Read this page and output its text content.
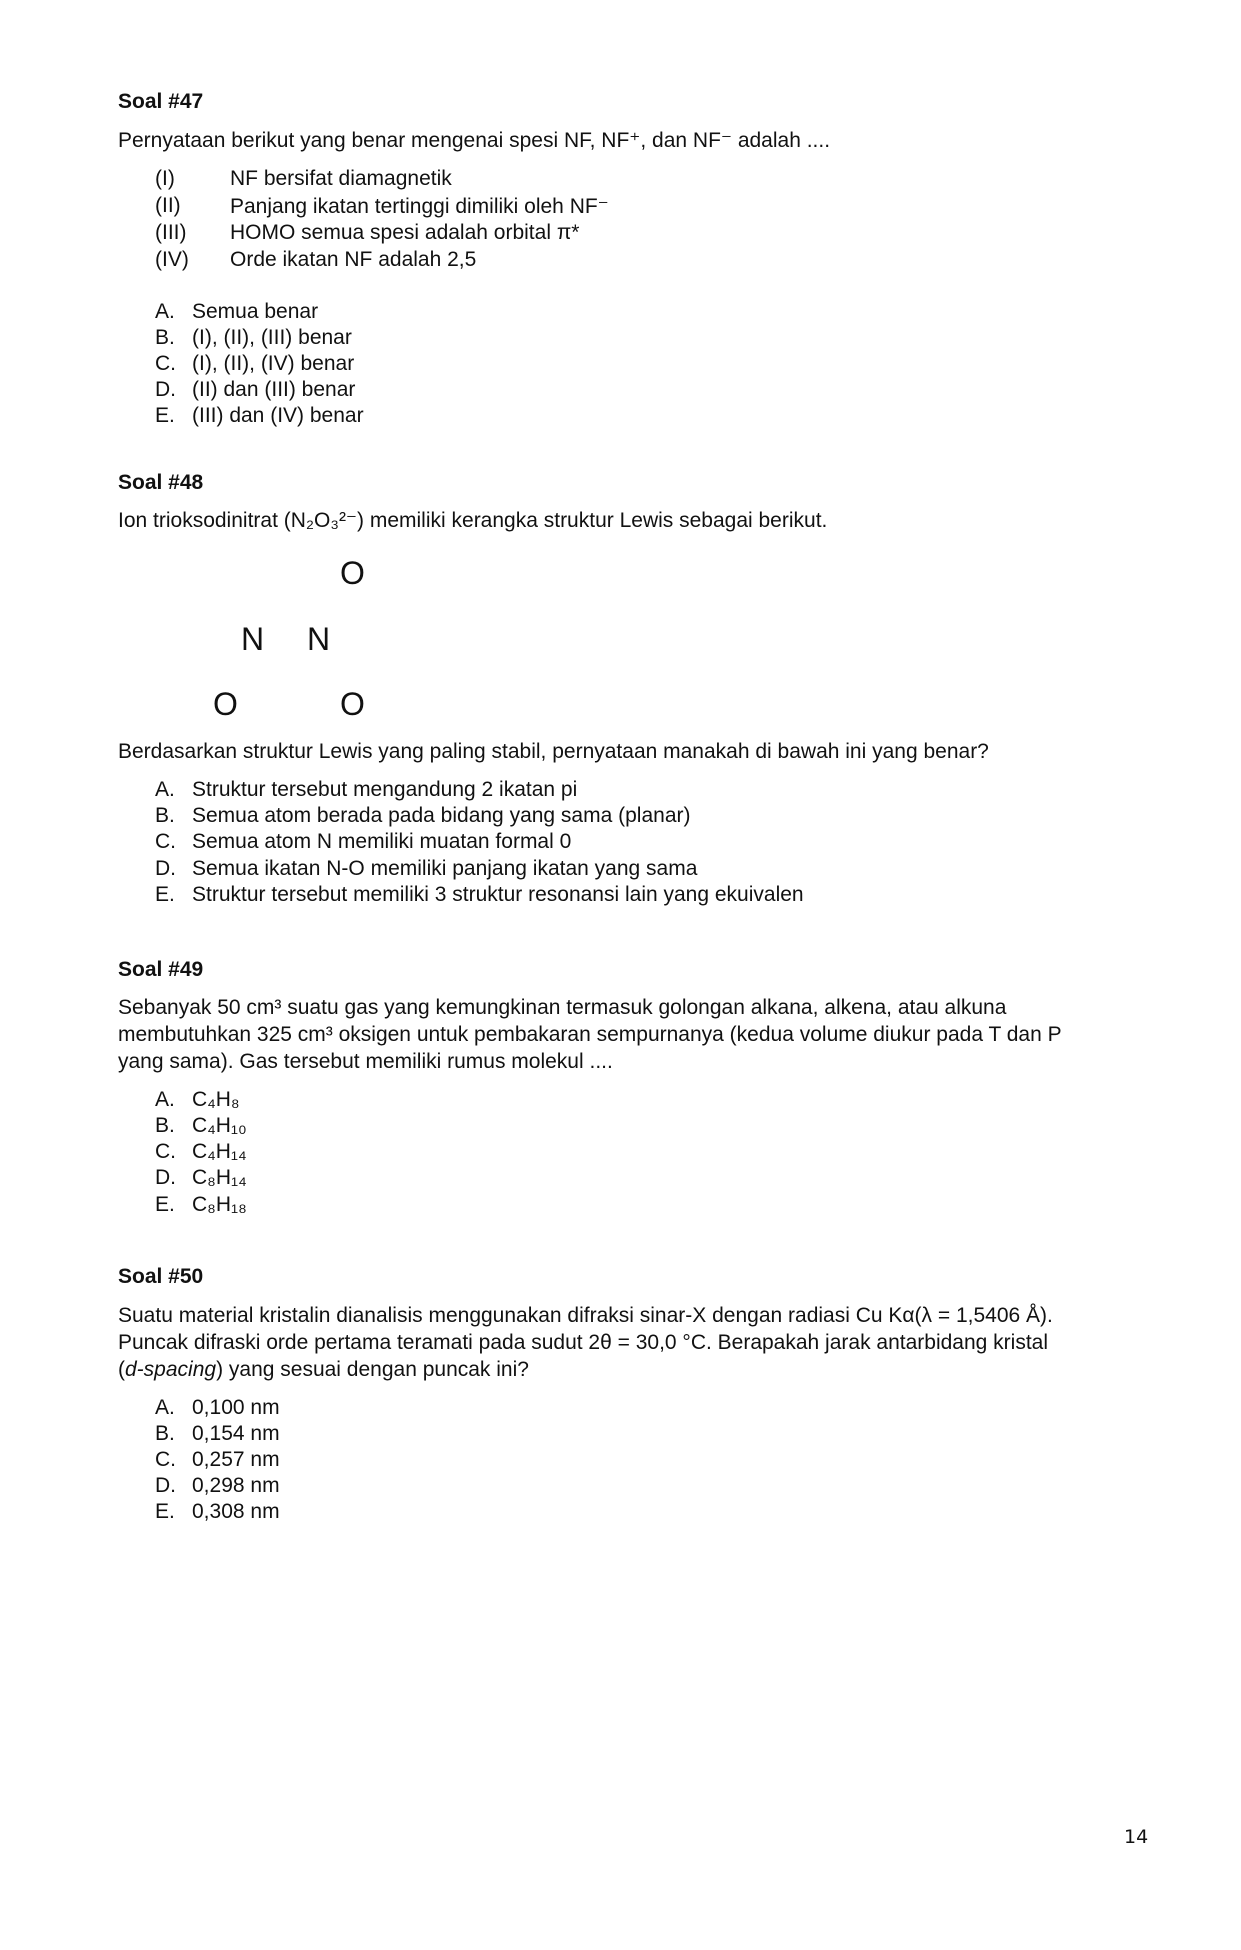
Soal #47
Pernyataan berikut yang benar mengenai spesi NF, NF⁺, dan NF⁻ adalah ....
(I)	NF bersifat diamagnetik
(II) Panjang ikatan tertinggi dimiliki oleh NF⁻
(III) HOMO semua spesi adalah orbital π*
(IV) Orde ikatan NF adalah 2,5
A. Semua benar
B. (I), (II), (III) benar
C. (I), (II), (IV) benar
D. (II) dan (III) benar
E. (III) dan (IV) benar
Soal #48
Ion trioksodinitrat (N₂O₃²⁻) memiliki kerangka struktur Lewis sebagai berikut.
O
N N
O	O
Berdasarkan struktur Lewis yang paling stabil, pernyataan manakah di bawah ini yang benar?
A. Struktur tersebut mengandung 2 ikatan pi
B. Semua atom berada pada bidang yang sama (planar)
C. Semua atom N memiliki muatan formal 0
D. Semua ikatan N-O memiliki panjang ikatan yang sama
E. Struktur tersebut memiliki 3 struktur resonansi lain yang ekuivalen
Soal #49
Sebanyak 50 cm³ suatu gas yang kemungkinan termasuk golongan alkana, alkena, atau alkuna
membutuhkan 325 cm³ oksigen untuk pembakaran sempurnanya (kedua volume diukur pada T dan P
yang sama). Gas tersebut memiliki rumus molekul ....
A. C₄H₈
B. C₄H₁₀
C. C₄H₁₄
D. C₈H₁₄
E. C₈H₁₈
Soal #50
Suatu material kristalin dianalisis menggunakan difraksi sinar-X dengan radiasi Cu Kα(λ = 1,5406 Å).
Puncak difraski orde pertama teramati pada sudut 2θ = 30,0 °C. Berapakah jarak antarbidang kristal
(d-spacing) yang sesuai dengan puncak ini?
A. 0,100 nm
B. 0,154 nm
C. 0,257 nm
D. 0,298 nm
E. 0,308 nm
14
